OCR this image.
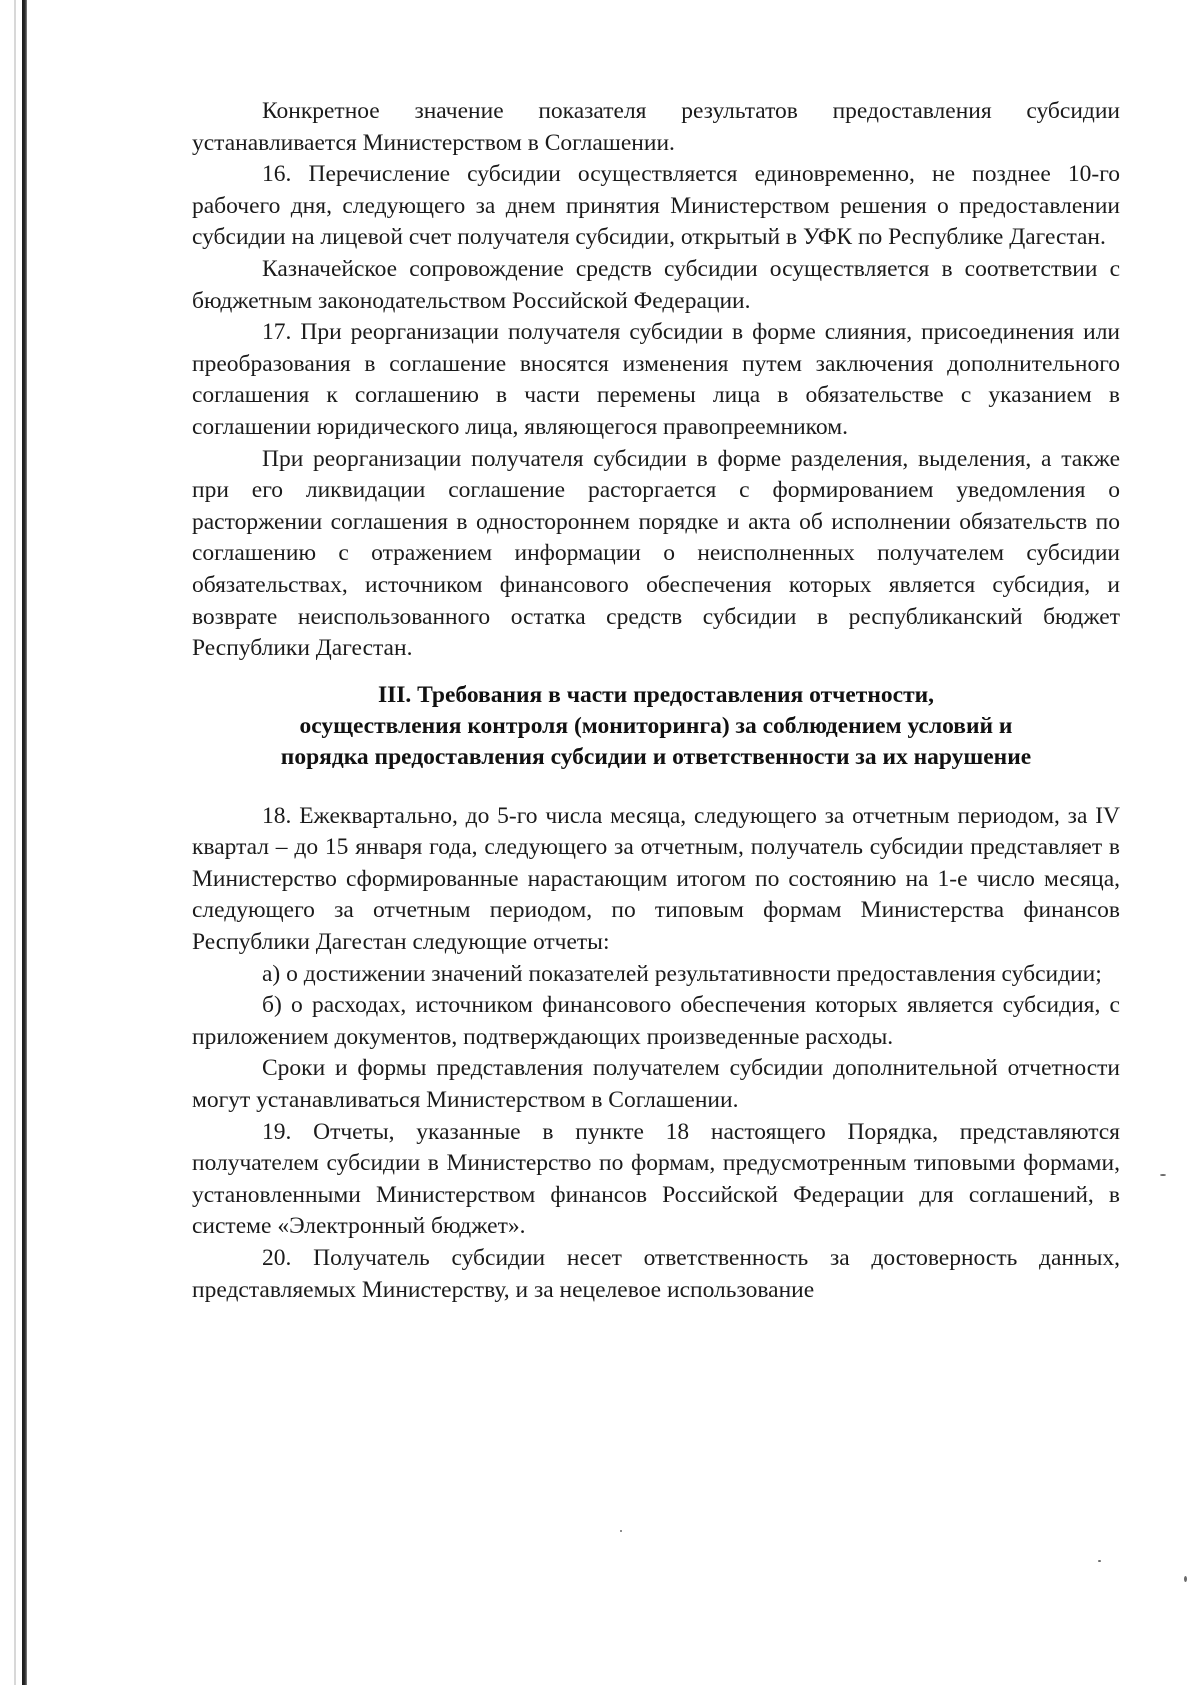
Конкретное значение показателя результатов предоставления субсидии устанавливается Министерством в Соглашении.

16. Перечисление субсидии осуществляется единовременно, не позднее 10-го рабочего дня, следующего за днем принятия Министерством решения о предоставлении субсидии на лицевой счет получателя субсидии, открытый в УФК по Республике Дагестан.

Казначейское сопровождение средств субсидии осуществляется в соответствии с бюджетным законодательством Российской Федерации.

17. При реорганизации получателя субсидии в форме слияния, присоединения или преобразования в соглашение вносятся изменения путем заключения дополнительного соглашения к соглашению в части перемены лица в обязательстве с указанием в соглашении юридического лица, являющегося правопреемником.

При реорганизации получателя субсидии в форме разделения, выделения, а также при его ликвидации соглашение расторгается с формированием уведомления о расторжении соглашения в одностороннем порядке и акта об исполнении обязательств по соглашению с отражением информации о неисполненных получателем субсидии обязательствах, источником финансового обеспечения которых является субсидия, и возврате неиспользованного остатка средств субсидии в республиканский бюджет Республики Дагестан.

III. Требования в части предоставления отчетности,
осуществления контроля (мониторинга) за соблюдением условий и
порядка предоставления субсидии и ответственности за их нарушение

18. Ежеквартально, до 5-го числа месяца, следующего за отчетным периодом, за IV квартал – до 15 января года, следующего за отчетным, получатель субсидии представляет в Министерство сформированные нарастающим итогом по состоянию на 1-е число месяца, следующего за отчетным периодом, по типовым формам Министерства финансов Республики Дагестан следующие отчеты:

а) о достижении значений показателей результативности предоставления субсидии;

б) о расходах, источником финансового обеспечения которых является субсидия, с приложением документов, подтверждающих произведенные расходы.

Сроки и формы представления получателем субсидии дополнительной отчетности могут устанавливаться Министерством в Соглашении.

19. Отчеты, указанные в пункте 18 настоящего Порядка, представляются получателем субсидии в Министерство по формам, предусмотренным типовыми формами, установленными Министерством финансов Российской Федерации для соглашений, в системе «Электронный бюджет».

20. Получатель субсидии несет ответственность за достоверность данных, представляемых Министерству, и за нецелевое использование
